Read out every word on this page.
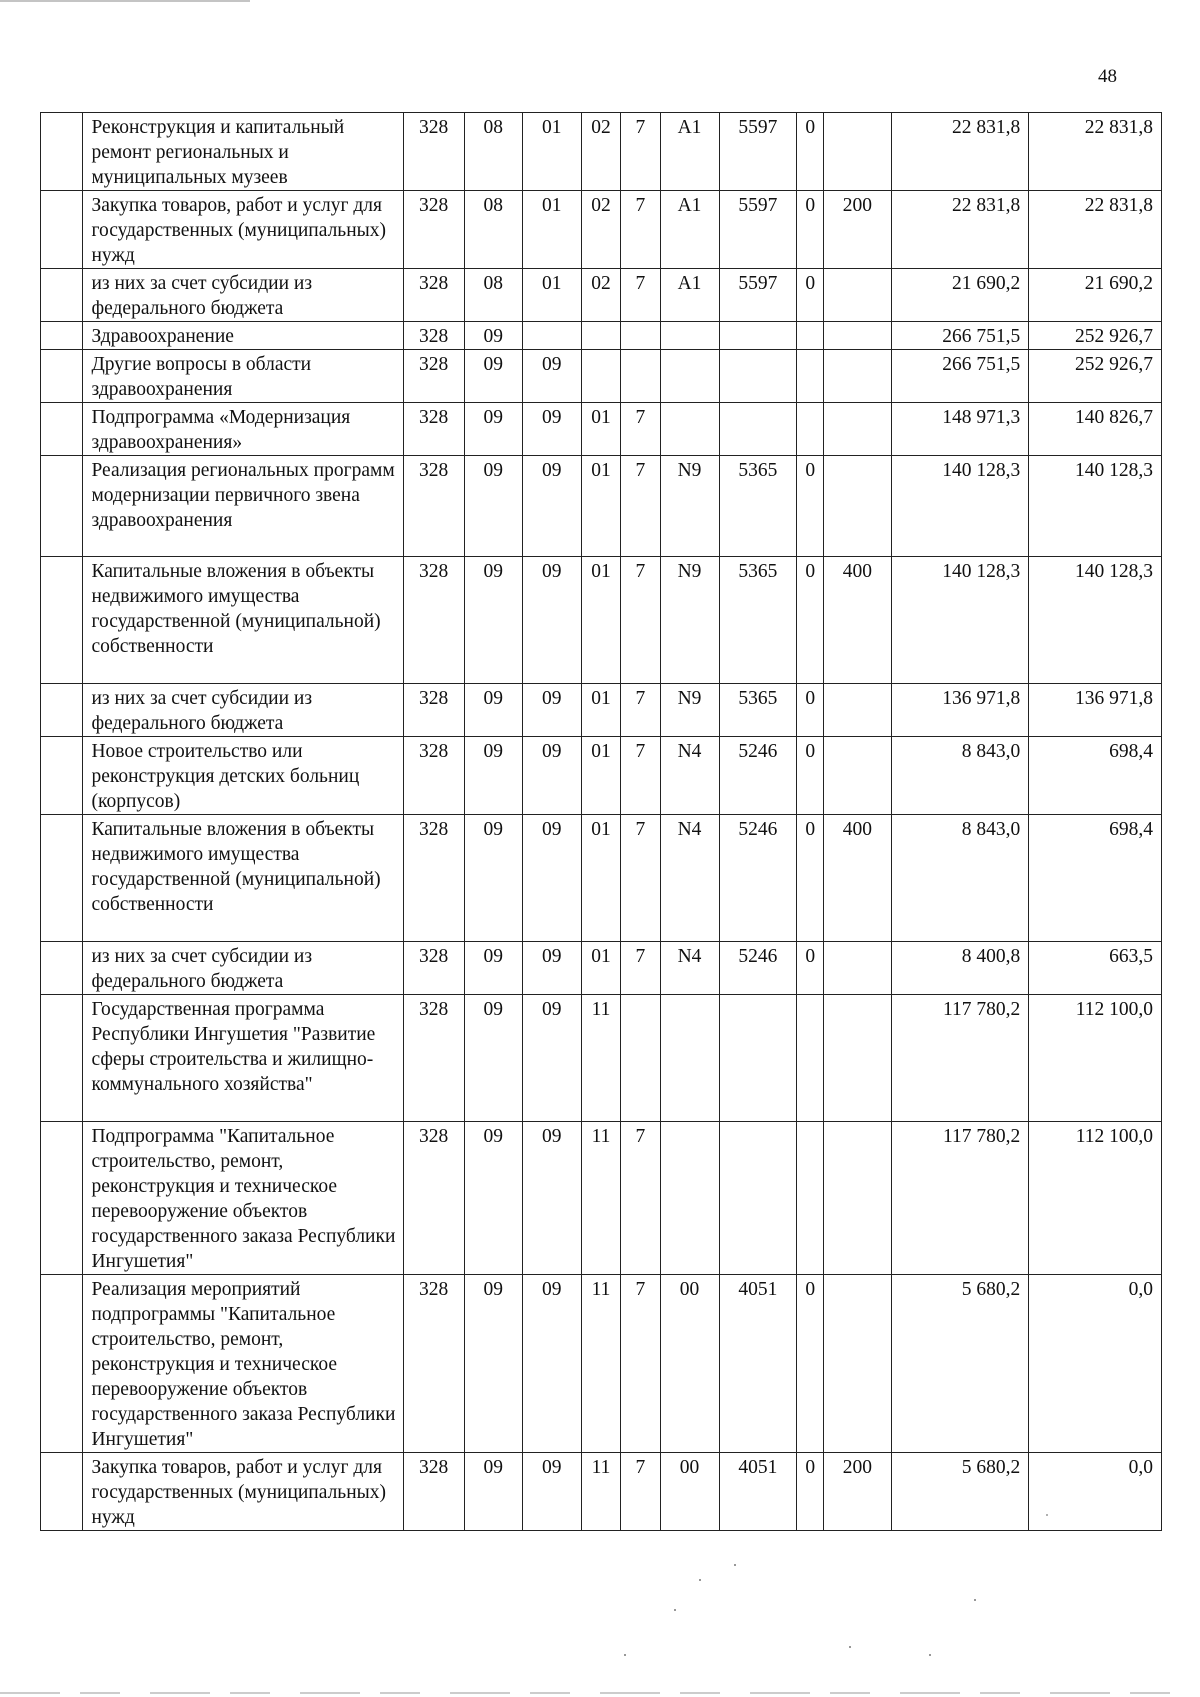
48
	Реконструкция и капитальный ремонт региональных и муниципальных музеев	328	08	01	02	7	А1	5597	0		22 831,8	22 831,8
	Закупка товаров, работ и услуг для государственных (муниципальных) нужд	328	08	01	02	7	А1	5597	0	200	22 831,8	22 831,8
	из них за счет субсидии из федерального бюджета	328	08	01	02	7	А1	5597	0		21 690,2	21 690,2
	Здравоохранение	328	09								266 751,5	252 926,7
	Другие вопросы в области здравоохранения	328	09	09							266 751,5	252 926,7
	Подпрограмма «Модернизация здравоохранения»	328	09	09	01	7					148 971,3	140 826,7
	Реализация региональных программ модернизации первичного звена здравоохранения	328	09	09	01	7	N9	5365	0		140 128,3	140 128,3
	Капитальные вложения в объекты недвижимого имущества государственной (муниципальной) собственности	328	09	09	01	7	N9	5365	0	400	140 128,3	140 128,3
	из них за счет субсидии из федерального бюджета	328	09	09	01	7	N9	5365	0		136 971,8	136 971,8
	Новое строительство или реконструкция детских больниц (корпусов)	328	09	09	01	7	N4	5246	0		8 843,0	698,4
	Капитальные вложения в объекты недвижимого имущества государственной (муниципальной) собственности	328	09	09	01	7	N4	5246	0	400	8 843,0	698,4
	из них за счет субсидии из федерального бюджета	328	09	09	01	7	N4	5246	0		8 400,8	663,5
	Государственная программа Республики Ингушетия "Развитие сферы строительства и жилищно-коммунального хозяйства"	328	09	09	11						117 780,2	112 100,0
	Подпрограмма "Капитальное строительство, ремонт, реконструкция и техническое перевооружение объектов государственного заказа Республики Ингушетия"	328	09	09	11	7					117 780,2	112 100,0
	Реализация мероприятий подпрограммы "Капитальное строительство, ремонт, реконструкция и техническое перевооружение объектов государственного заказа Республики Ингушетия"	328	09	09	11	7	00	4051	0		5 680,2	0,0
	Закупка товаров, работ и услуг для государственных (муниципальных) нужд	328	09	09	11	7	00	4051	0	200	5 680,2	0,0
